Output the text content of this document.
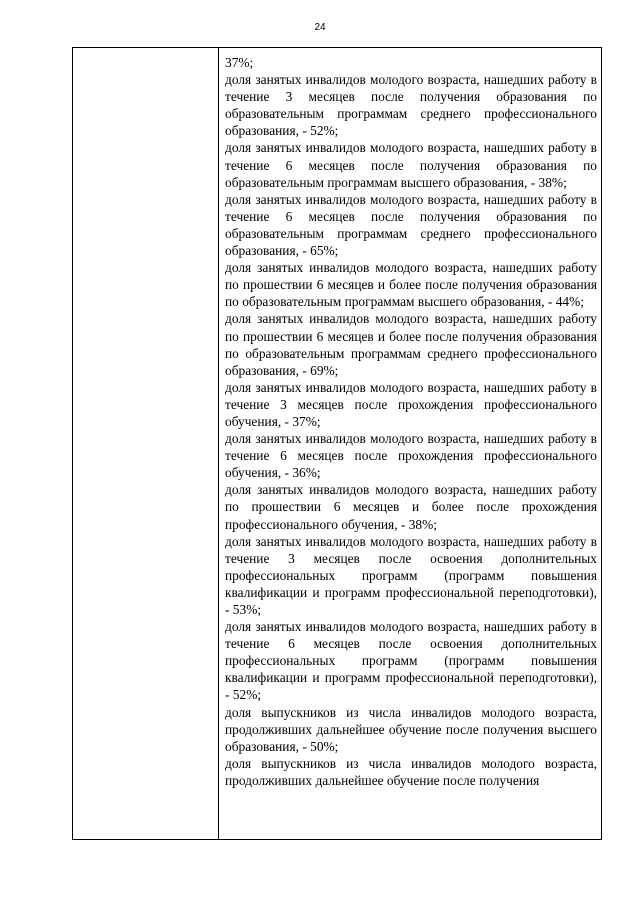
24

37%;

доля занятых инвалидов молодого возраста, нашедших работу в течение 3 месяцев после получения образования по образовательным программам среднего профессионального образования, - 52%;

доля занятых инвалидов молодого возраста, нашедших работу в течение 6 месяцев после получения образования по образовательным программам высшего образования, - 38%;

доля занятых инвалидов молодого возраста, нашедших работу в течение 6 месяцев после получения образования по образовательным программам среднего профессионального образования, - 65%;

доля занятых инвалидов молодого возраста, нашедших работу по прошествии 6 месяцев и более после получения образования по образовательным программам высшего образования, - 44%;

доля занятых инвалидов молодого возраста, нашедших работу по прошествии 6 месяцев и более после получения образования по образовательным программам среднего профессионального образования, - 69%;

доля занятых инвалидов молодого возраста, нашедших работу в течение 3 месяцев после прохождения профессионального обучения, - 37%;

доля занятых инвалидов молодого возраста, нашедших работу в течение 6 месяцев после прохождения профессионального обучения, - 36%;

доля занятых инвалидов молодого возраста, нашедших работу по прошествии 6 месяцев и более после прохождения профессионального обучения, - 38%;

доля занятых инвалидов молодого возраста, нашедших работу в течение 3 месяцев после освоения дополнительных профессиональных программ (программ повышения квалификации и программ профессиональной переподготовки), - 53%;

доля занятых инвалидов молодого возраста, нашедших работу в течение 6 месяцев после освоения дополнительных профессиональных программ (программ повышения квалификации и программ профессиональной переподготовки), - 52%;

доля выпускников из числа инвалидов молодого возраста, продолживших дальнейшее обучение после получения высшего образования, - 50%;

доля выпускников из числа инвалидов молодого возраста, продолживших дальнейшее обучение после получения
